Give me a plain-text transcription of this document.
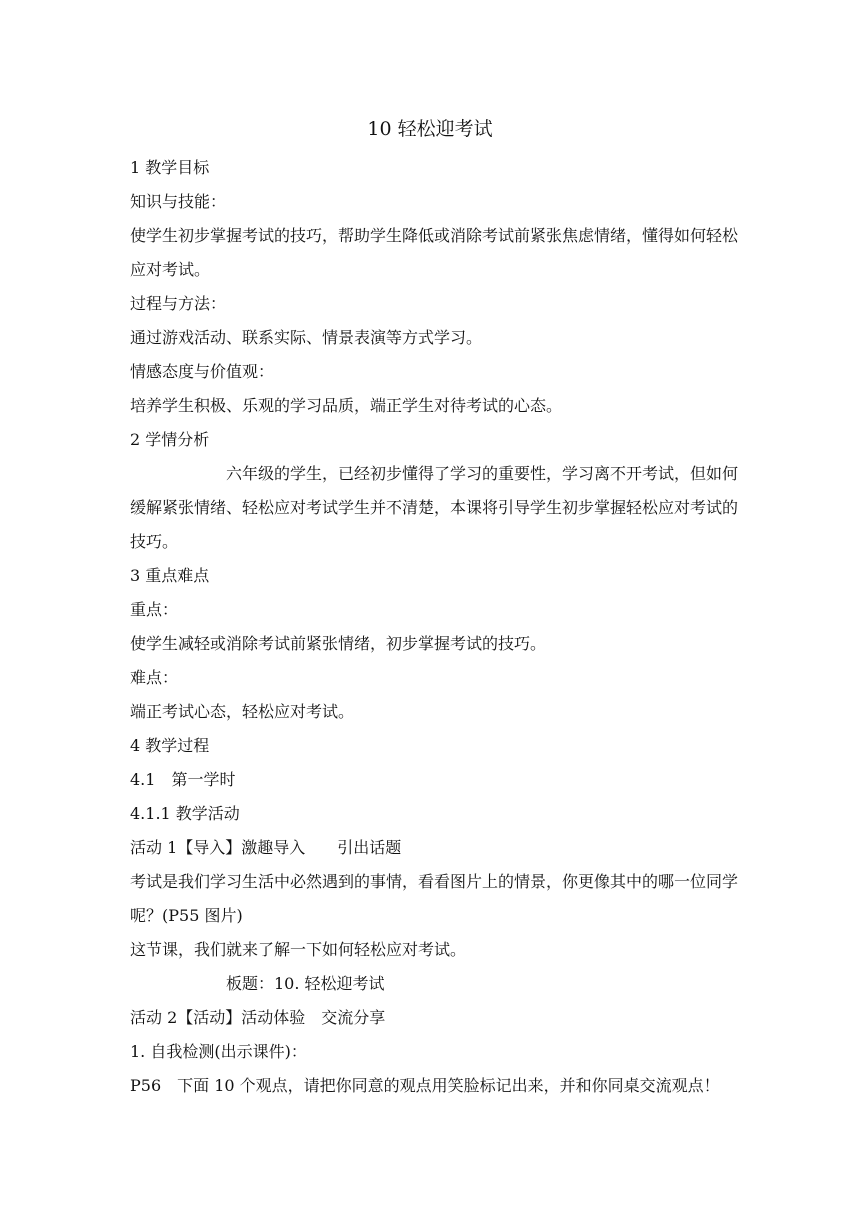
10 轻松迎考试
1 教学目标
知识与技能：
使学生初步掌握考试的技巧，帮助学生降低或消除考试前紧张焦虑情绪，懂得如何轻松应对考试。
过程与方法：
通过游戏活动、联系实际、情景表演等方式学习。
情感态度与价值观：
培养学生积极、乐观的学习品质，端正学生对待考试的心态。
2 学情分析
六年级的学生，已经初步懂得了学习的重要性，学习离不开考试，但如何缓解紧张情绪、轻松应对考试学生并不清楚，本课将引导学生初步掌握轻松应对考试的技巧。
3 重点难点
重点：
使学生减轻或消除考试前紧张情绪，初步掌握考试的技巧。
难点：
端正考试心态，轻松应对考试。
4 教学过程
4.1　第一学时
4.1.1 教学活动
活动 1【导入】激趣导入　　引出话题
考试是我们学习生活中必然遇到的事情，看看图片上的情景，你更像其中的哪一位同学呢？(P55 图片)
这节课，我们就来了解一下如何轻松应对考试。
板题：10. 轻松迎考试
活动 2【活动】活动体验　交流分享
1. 自我检测(出示课件)：
P56　下面 10 个观点，请把你同意的观点用笑脸标记出来，并和你同桌交流观点！
